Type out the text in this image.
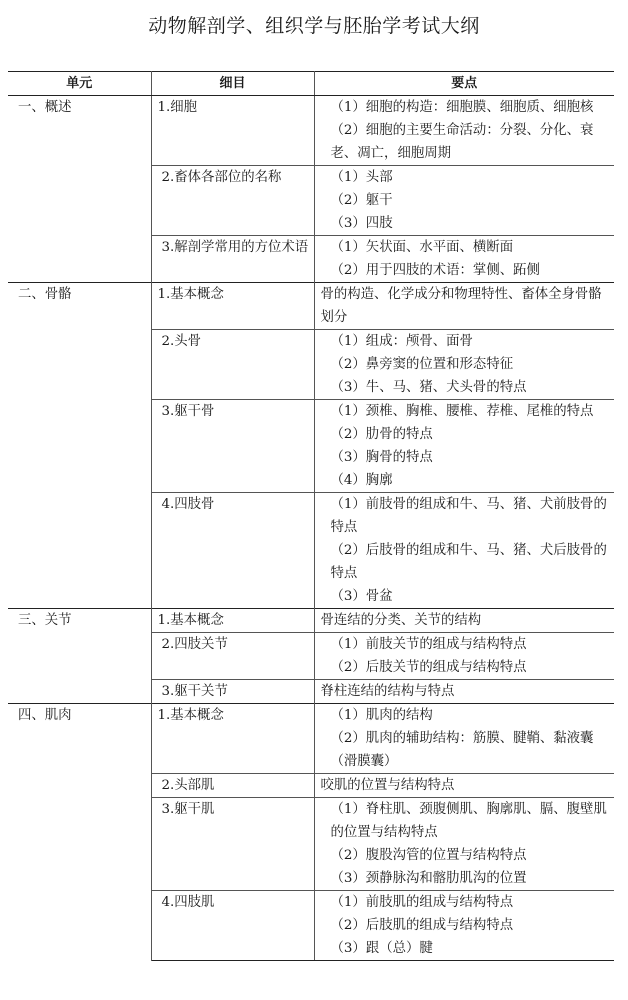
动物解剖学、组织学与胚胎学考试大纲
单元	细目	要点
一、概述	1.细胞	（1）细胞的构造：细胞膜、细胞质、细胞核
（2）细胞的主要生命活动：分裂、分化、衰老、凋亡，细胞周期

	2.畜体各部位的名称	（1）头部
（2）躯干
（3）四肢

	3.解剖学常用的方位术语	（1）矢状面、水平面、横断面
（2）用于四肢的术语：掌侧、跖侧

二、骨骼	1.基本概念	骨的构造、化学成分和物理特性、畜体全身骨骼划分

	2.头骨	（1）组成：颅骨、面骨
（2）鼻旁窦的位置和形态特征
（3）牛、马、猪、犬头骨的特点

	3.躯干骨	（1）颈椎、胸椎、腰椎、荐椎、尾椎的特点
（2）肋骨的特点
（3）胸骨的特点
（4）胸廓

	4.四肢骨	（1）前肢骨的组成和牛、马、猪、犬前肢骨的特点
（2）后肢骨的组成和牛、马、猪、犬后肢骨的特点
（3）骨盆

三、关节	1.基本概念	骨连结的分类、关节的结构

	2.四肢关节	（1）前肢关节的组成与结构特点
（2）后肢关节的组成与结构特点

	3.躯干关节	脊柱连结的结构与特点

四、肌肉	1.基本概念	（1）肌肉的结构
（2）肌肉的辅助结构：筋膜、腱鞘、黏液囊（滑膜囊）

	2.头部肌	咬肌的位置与结构特点

	3.躯干肌	（1）脊柱肌、颈腹侧肌、胸廓肌、膈、腹壁肌的位置与结构特点
（2）腹股沟管的位置与结构特点
（3）颈静脉沟和髂肋肌沟的位置

	4.四肢肌	（1）前肢肌的组成与结构特点
（2）后肢肌的组成与结构特点
（3）跟（总）腱
